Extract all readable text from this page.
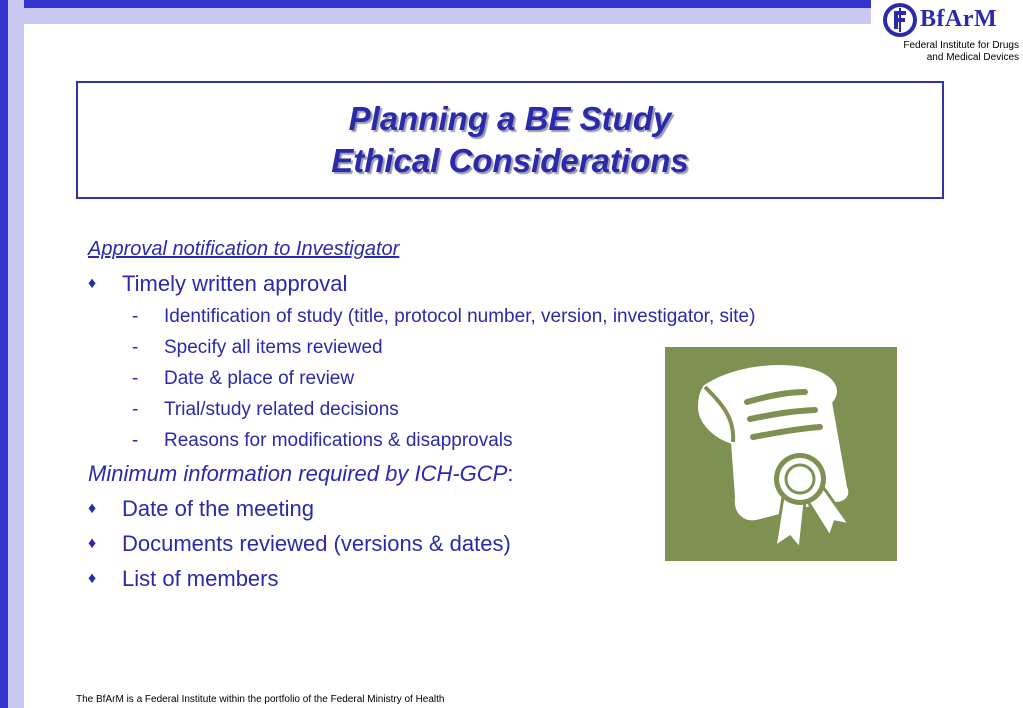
BfArM
Federal Institute for Drugs
and Medical Devices
Planning a BE Study
Ethical Considerations
Approval notification to Investigator
♦	Timely written approval
-	Identification of study (title, protocol number, version, investigator, site)
-	Specify all items reviewed
-	Date & place of review
-	Trial/study related decisions
-	Reasons for modifications & disapprovals
Minimum information required by ICH-GCP:
♦	Date of the meeting
♦	Documents reviewed (versions & dates)
♦	List of members
The BfArM is a Federal Institute within the portfolio of the Federal Ministry of Health
